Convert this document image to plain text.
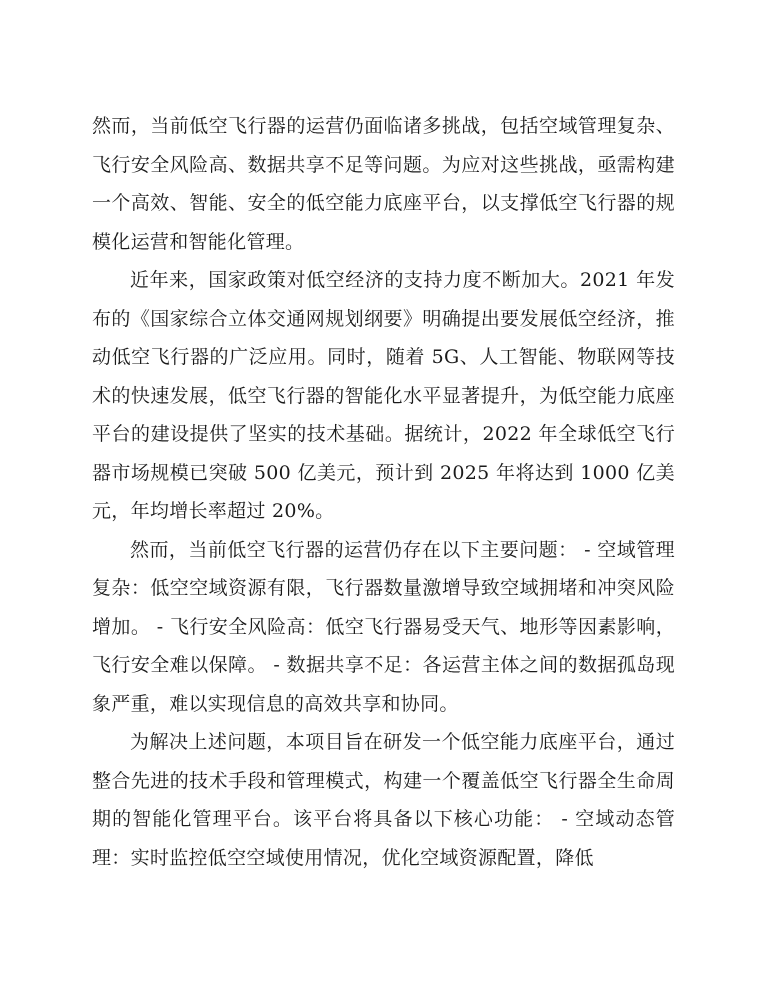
然而，当前低空飞行器的运营仍面临诸多挑战，包括空域管理复杂、飞行安全风险高、数据共享不足等问题。为应对这些挑战，亟需构建一个高效、智能、安全的低空能力底座平台，以支撑低空飞行器的规模化运营和智能化管理。

近年来，国家政策对低空经济的支持力度不断加大。2021 年发布的《国家综合立体交通网规划纲要》明确提出要发展低空经济，推动低空飞行器的广泛应用。同时，随着 5G、人工智能、物联网等技术的快速发展，低空飞行器的智能化水平显著提升，为低空能力底座平台的建设提供了坚实的技术基础。据统计，2022 年全球低空飞行器市场规模已突破 500 亿美元，预计到 2025 年将达到 1000 亿美元，年均增长率超过 20%。

然而，当前低空飞行器的运营仍存在以下主要问题： - 空域管理复杂：低空空域资源有限，飞行器数量激增导致空域拥堵和冲突风险增加。 - 飞行安全风险高：低空飞行器易受天气、地形等因素影响，飞行安全难以保障。 - 数据共享不足：各运营主体之间的数据孤岛现象严重，难以实现信息的高效共享和协同。

为解决上述问题，本项目旨在研发一个低空能力底座平台，通过整合先进的技术手段和管理模式，构建一个覆盖低空飞行器全生命周期的智能化管理平台。该平台将具备以下核心功能： - 空域动态管理：实时监控低空空域使用情况，优化空域资源配置，降低
